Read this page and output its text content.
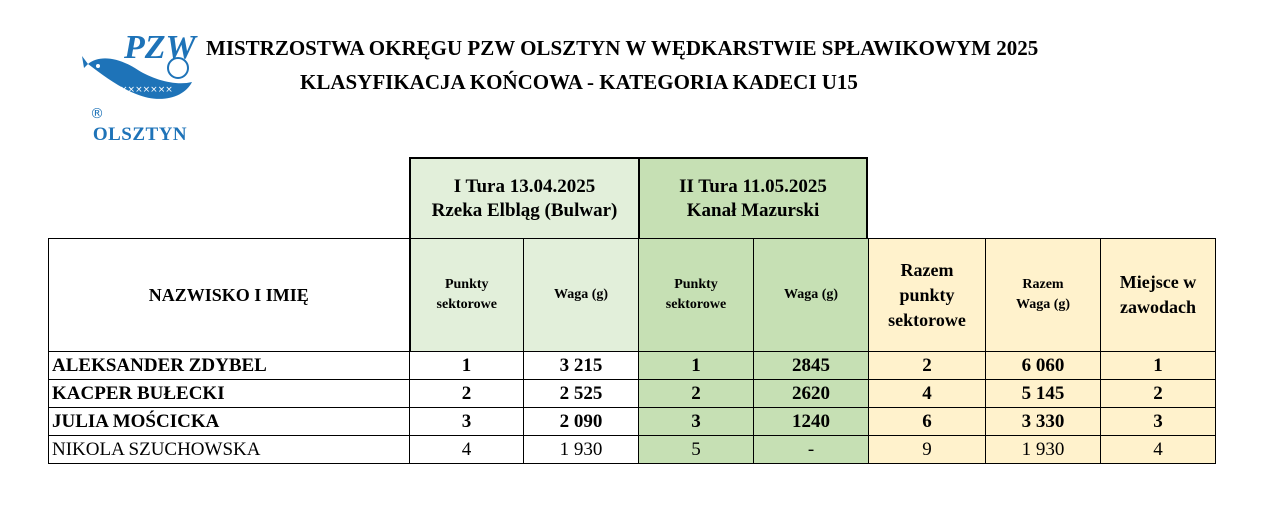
×××××××
PZW
®
OLSZTYN
MISTRZOSTWA OKRĘGU PZW OLSZTYN W WĘDKARSTWIE SPŁAWIKOWYM 2025
KLASYFIKACJA KOŃCOWA - KATEGORIA KADECI U15
I Tura 13.04.2025 Rzeka Elbląg (Bulwar)
II Tura 11.05.2025 Kanał Mazurski
NAZWISKO I IMIĘ	Punkty sektorowe	Waga (g)	Punkty sektorowe	Waga (g)	Razem punkty sektorowe	Razem Waga (g)	Miejsce w zawodach

ALEKSANDER ZDYBEL	1	3 215	1	2845	2	6 060	1
KACPER BUŁECKI	2	2 525	2	2620	4	5 145	2
JULIA MOŚCICKA	3	2 090	3	1240	6	3 330	3
NIKOLA SZUCHOWSKA	4	1 930	5	-	9	1 930	4
